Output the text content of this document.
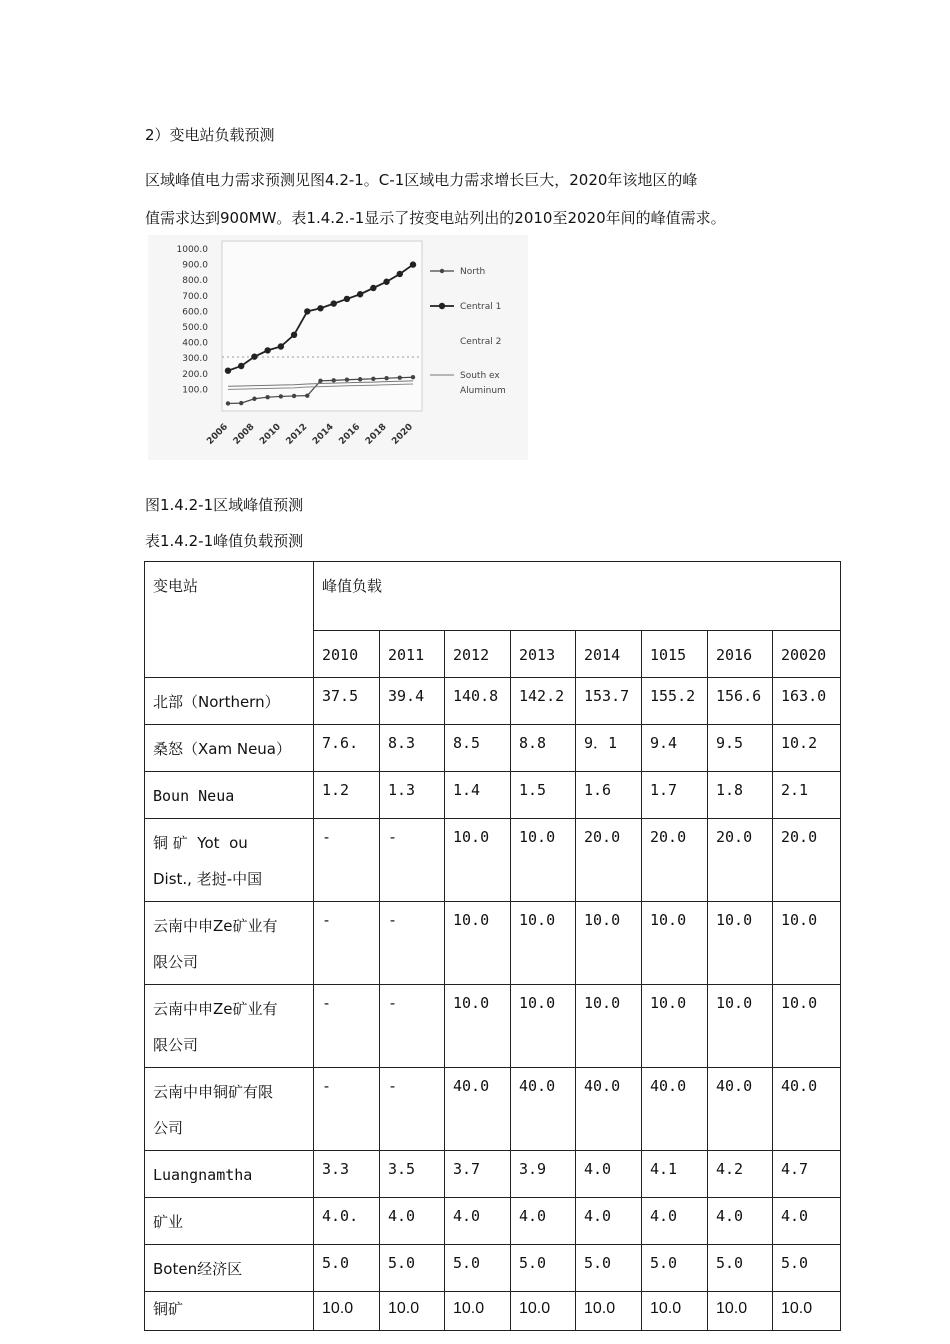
2）变电站负载预测
区域峰值电力需求预测见图4.2-1。C-1区域电力需求增长巨大，2020年该地区的峰
值需求达到900MW。表1.4.2.-1显示了按变电站列出的2010至2020年间的峰值需求。
1000.0
900.0
800.0
700.0
600.0
500.0
400.0
300.0
200.0
100.0
2006 2008 2010 2012 2014 2016 2018 2020
North
Central 1
Central 2
South ex
Aluminum
图1.4.2-1区域峰值预测
表1.4.2-1峰值负载预测
变电站	峰值负载							
	2010	2011	2012	2013	2014	1015	2016	20020
北部（Northern）	37.5	39.4	140.8	142.2	153.7	155.2	156.6	163.0
桑怒（Xam Neua）	7.6.	8.3	8.5	8.8	9．1	9.4	9.5	10.2
Boun Neua	1.2	1.3	1.4	1.5	1.6	1.7	1.8	2.1

铜 矿  Yot  ou
Dist., 老挝-中国	-	-	10.0	10.0	20.0	20.0	20.0	20.0

云南中申Ze矿业有
限公司	-	-	10.0	10.0	10.0	10.0	10.0	10.0

云南中申Ze矿业有
限公司	-	-	10.0	10.0	10.0	10.0	10.0	10.0

云南中申铜矿有限
公司	-	-	40.0	40.0	40.0	40.0	40.0	40.0
Luangnamtha	3.3	3.5	3.7	3.9	4.0	4.1	4.2	4.7
矿业	4.0.	4.0	4.0	4.0	4.0	4.0	4.0	4.0
Boten经济区	5.0	5.0	5.0	5.0	5.0	5.0	5.0	5.0
铜矿	10.0	10.0	10.0	10.0	10.0	10.0	10.0	10.0
